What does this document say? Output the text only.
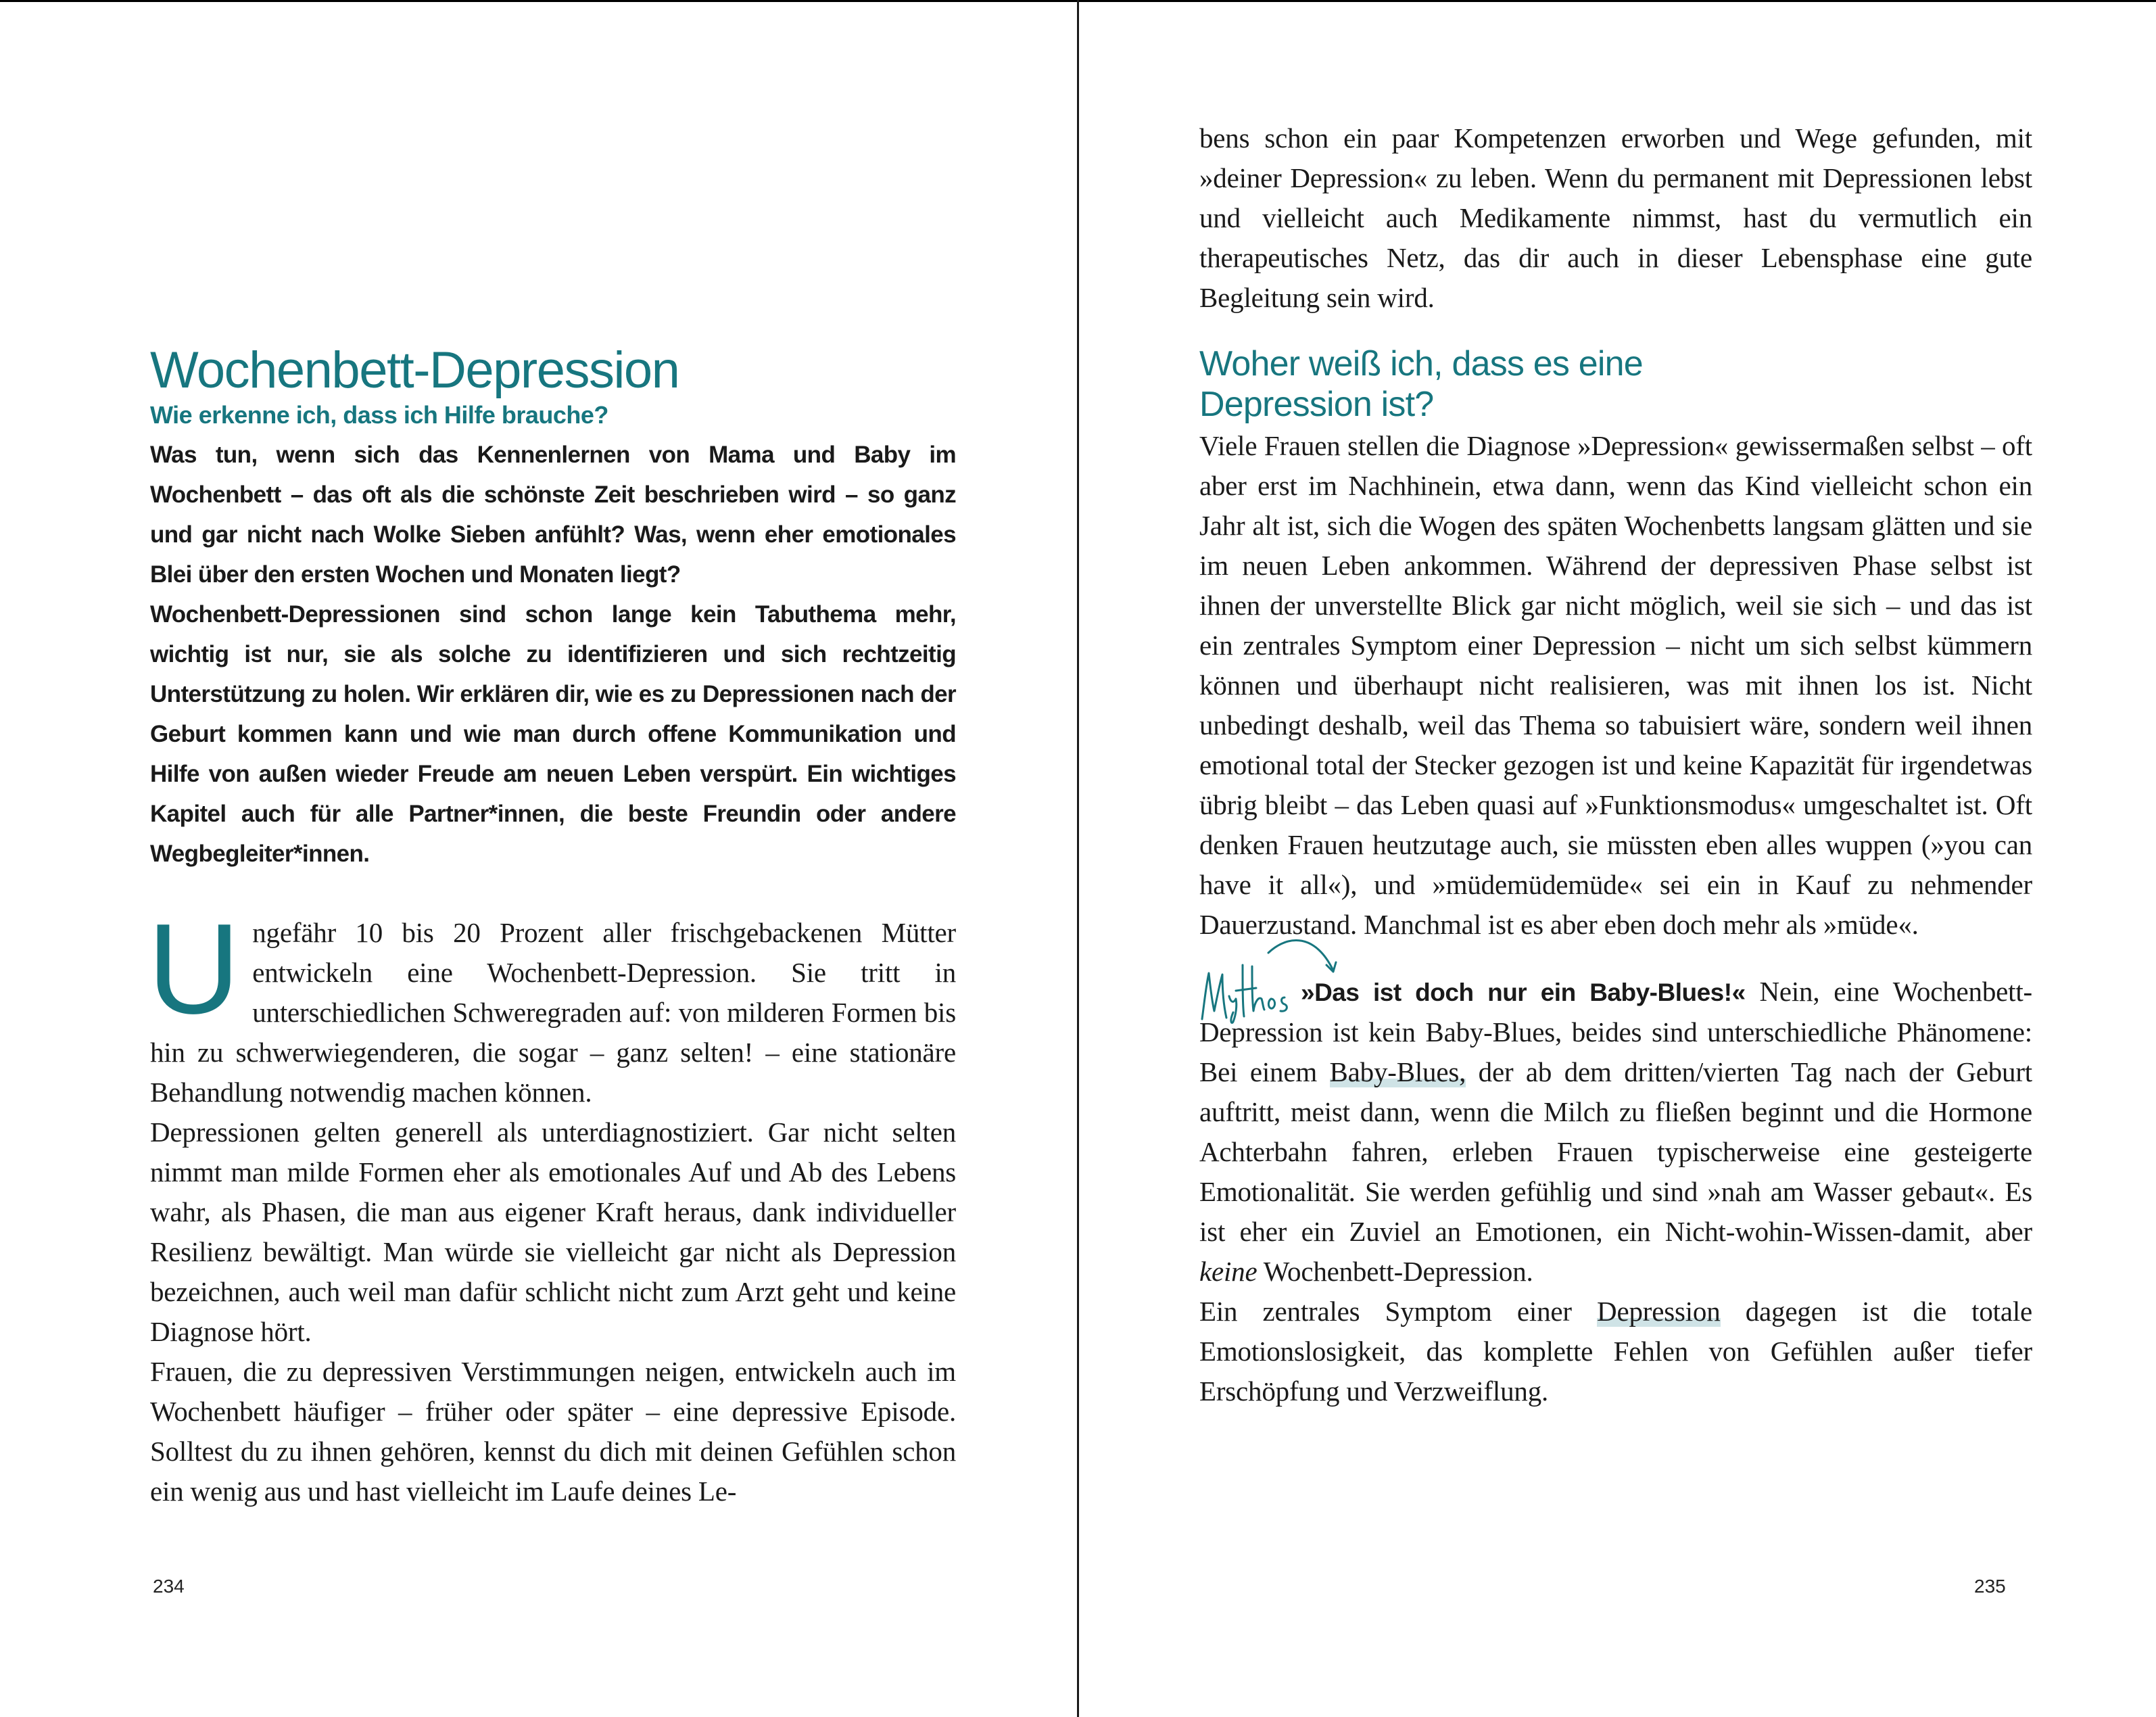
Wochenbett-Depression
Wie erkenne ich, dass ich Hilfe brauche?

Was tun, wenn sich das Kennenlernen von Mama und Baby im Wochenbett – das oft als die schönste Zeit beschrieben wird – so ganz und gar nicht nach Wolke Sieben anfühlt? Was, wenn eher emotionales Blei über den ersten Wochen und Monaten liegt?

Wochenbett-Depressionen sind schon lange kein Tabuthema mehr, wichtig ist nur, sie als solche zu identifizieren und sich rechtzeitig Unterstützung zu holen. Wir erklären dir, wie es zu Depressionen nach der Geburt kommen kann und wie man durch offene Kommunikation und Hilfe von außen wieder Freude am neuen Leben verspürt. Ein wichtiges Kapitel auch für alle Partner*innen, die beste Freundin oder andere Wegbegleiter*innen.

Ungefähr 10 bis 20 Prozent aller frischgebackenen Mütter entwickeln eine Wochenbett-Depression. Sie tritt in unterschiedlichen Schweregraden auf: von milderen Formen bis hin zu schwerwiegenderen, die sogar – ganz selten! – eine stationäre Behandlung notwendig machen können.

Depressionen gelten generell als unterdiagnostiziert. Gar nicht selten nimmt man milde Formen eher als emotionales Auf und Ab des Lebens wahr, als Phasen, die man aus eigener Kraft heraus, dank individueller Resilienz bewältigt. Man würde sie vielleicht gar nicht als Depression bezeichnen, auch weil man dafür schlicht nicht zum Arzt geht und keine Diagnose hört.

Frauen, die zu depressiven Verstimmungen neigen, entwickeln auch im Wochenbett häufiger – früher oder später – eine depressive Episode. Solltest du zu ihnen gehören, kennst du dich mit deinen Gefühlen schon ein wenig aus und hast vielleicht im Laufe deines Le-

234

bens schon ein paar Kompetenzen erworben und Wege gefunden, mit »deiner Depression« zu leben. Wenn du permanent mit Depressionen lebst und vielleicht auch Medikamente nimmst, hast du vermutlich ein therapeutisches Netz, das dir auch in dieser Lebensphase eine gute Begleitung sein wird.

Woher weiß ich, dass es eine
Depression ist?

Viele Frauen stellen die Diagnose »Depression« gewissermaßen selbst – oft aber erst im Nachhinein, etwa dann, wenn das Kind vielleicht schon ein Jahr alt ist, sich die Wogen des späten Wochenbetts langsam glätten und sie im neuen Leben ankommen. Während der depressiven Phase selbst ist ihnen der unverstellte Blick gar nicht möglich, weil sie sich – und das ist ein zentrales Symptom einer Depression – nicht um sich selbst kümmern können und überhaupt nicht realisieren, was mit ihnen los ist. Nicht unbedingt deshalb, weil das Thema so tabuisiert wäre, sondern weil ihnen emotional total der Stecker gezogen ist und keine Kapazität für irgendetwas übrig bleibt – das Leben quasi auf »Funktionsmodus« umgeschaltet ist. Oft denken Frauen heutzutage auch, sie müssten eben alles wuppen (»you can have it all«), und »müdemüdemüde« sei ein in Kauf zu nehmender Dauerzustand. Manchmal ist es aber eben doch mehr als »müde«.

»Das ist doch nur ein Baby-Blues!« Nein, eine Wochenbett-Depression ist kein Baby-Blues, beides sind unterschiedliche Phänomene: Bei einem Baby-Blues, der ab dem dritten/vierten Tag nach der Geburt auftritt, meist dann, wenn die Milch zu fließen beginnt und die Hormone Achterbahn fahren, erleben Frauen typischerweise eine gesteigerte Emotionalität. Sie werden gefühlig und sind »nah am Wasser gebaut«. Es ist eher ein Zuviel an Emotionen, ein Nicht-wohin-Wissen-damit, aber keine Wochenbett-Depression.

Ein zentrales Symptom einer Depression dagegen ist die totale Emotionslosigkeit, das komplette Fehlen von Gefühlen außer tiefer Erschöpfung und Verzweiflung.

235
